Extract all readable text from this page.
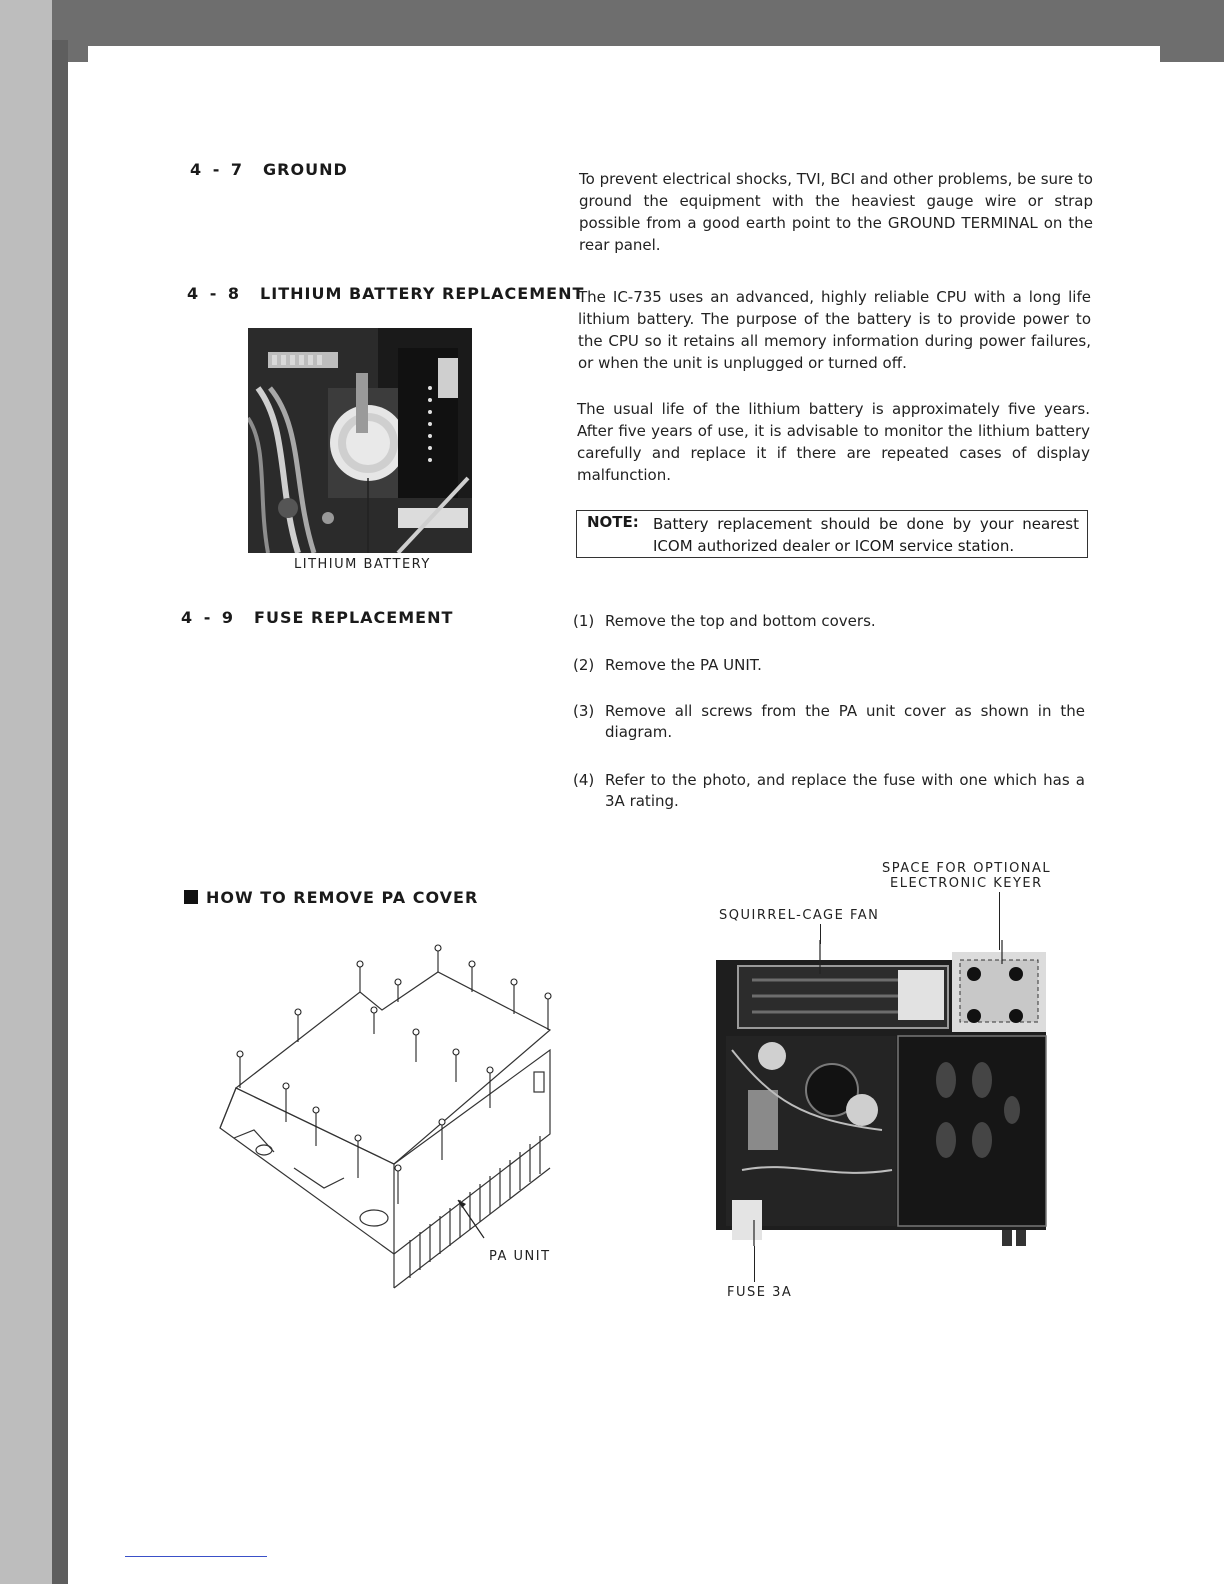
4 - 7 GROUND	To prevent electrical shocks, TVI, BCI and other problems, be sure to ground the equipment with the heaviest gauge wire or strap possible from a good earth point to the GROUND TERMINAL on the rear panel.
4 - 8 LITHIUM BATTERY REPLACEMENT
The IC-735 uses an advanced, highly reliable CPU with a long life lithium battery. The purpose of the battery is to provide power to the CPU so it retains all memory information during power failures, or when the unit is unplugged or turned off.
The usual life of the lithium battery is approximately five years. After five years of use, it is advisable to monitor the lithium battery carefully and replace it if there are repeated cases of display malfunction.
NOTE: Battery replacement should be done by your nearest ICOM authorized dealer or ICOM service station.
LITHIUM BATTERY
4 - 9 FUSE REPLACEMENT	(1) Remove the top and bottom covers.
(2) Remove the PA UNIT.
(3) Remove all screws from the PA unit cover as shown in the diagram.
(4) Refer to the photo, and replace the fuse with one which has a 3A rating.
HOW TO REMOVE PA COVER
PA UNIT
SPACE FOR OPTIONAL
ELECTRONIC KEYER
SQUIRREL-CAGE FAN
FUSE 3A
